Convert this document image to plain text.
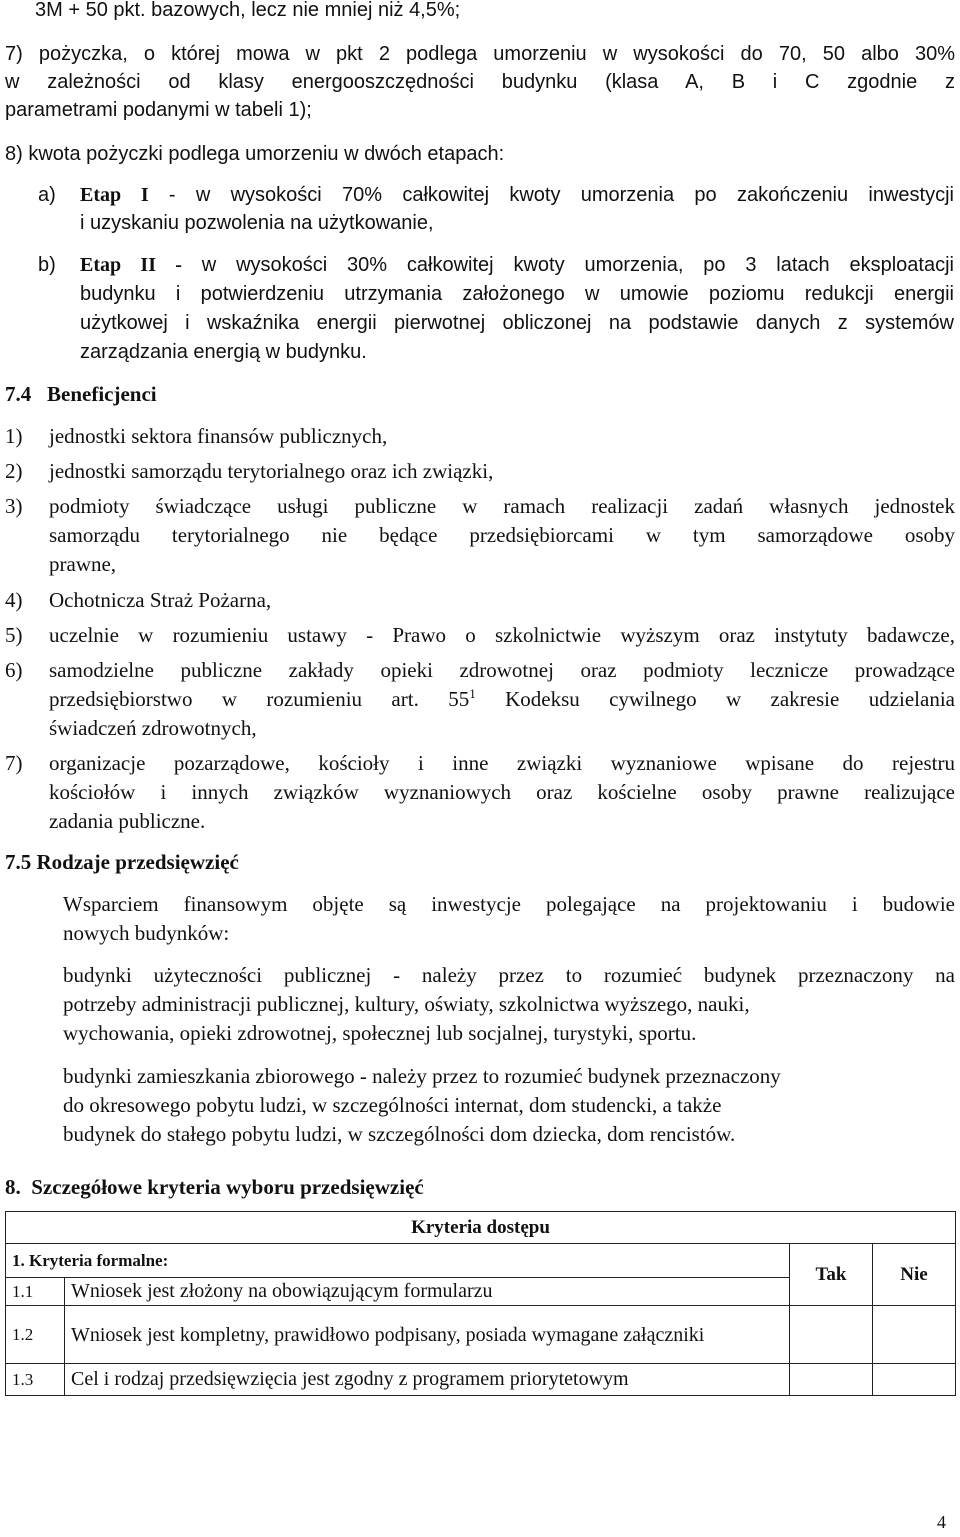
3M + 50 pkt. bazowych, lecz nie mniej niż 4,5%;
7) pożyczka, o której mowa w pkt 2 podlega umorzeniu w wysokości do 70, 50 albo 30%
w zależności od klasy energooszczędności budynku (klasa A, B i C zgodnie z
parametrami podanymi w tabeli 1);
8) kwota pożyczki podlega umorzeniu w dwóch etapach:
a) Etap I - w wysokości 70% całkowitej kwoty umorzenia po zakończeniu inwestycji
i uzyskaniu pozwolenia na użytkowanie,
b) Etap II - w wysokości 30% całkowitej kwoty umorzenia, po 3 latach eksploatacji
budynku i potwierdzeniu utrzymania założonego w umowie poziomu redukcji energii
użytkowej i wskaźnika energii pierwotnej obliczonej na podstawie danych z systemów
zarządzania energią w budynku.
7.4 Beneficjenci
1) jednostki sektora finansów publicznych,
2) jednostki samorządu terytorialnego oraz ich związki,
3) podmioty świadczące usługi publiczne w ramach realizacji zadań własnych jednostek
samorządu terytorialnego nie będące przedsiębiorcami w tym samorządowe osoby
prawne,
4) Ochotnicza Straż Pożarna,
5) uczelnie w rozumieniu ustawy - Prawo o szkolnictwie wyższym oraz instytuty badawcze,
6) samodzielne publiczne zakłady opieki zdrowotnej oraz podmioty lecznicze prowadzące
przedsiębiorstwo w rozumieniu art. $55^1$ Kodeksu cywilnego w zakresie udzielania
świadczeń zdrowotnych,
7) organizacje pozarządowe, kościoły i inne związki wyznaniowe wpisane do rejestru
kościołów i innych związków wyznaniowych oraz kościelne osoby prawne realizujące
zadania publiczne.
7.5 Rodzaje przedsięwzięć
Wsparciem finansowym objęte są inwestycje polegające na projektowaniu i budowie
nowych budynków:
budynki użyteczności publicznej - należy przez to rozumieć budynek przeznaczony na
potrzeby administracji publicznej, kultury, oświaty, szkolnictwa wyższego, nauki,
wychowania, opieki zdrowotnej, społecznej lub socjalnej, turystyki, sportu.
budynki zamieszkania zbiorowego - należy przez to rozumieć budynek przeznaczony
do okresowego pobytu ludzi, w szczególności internat, dom studencki, a także
budynek do stałego pobytu ludzi, w szczególności dom dziecka, dom rencistów.
8.  Szczegółowe kryteria wyboru przedsięwzięć
Kryteria dostępu			
1. Kryteria formalne:		Tak	Nie
1.1	Wniosek jest złożony na obowiązującym formularzu		
1.2	Wniosek jest kompletny, prawidłowo podpisany, posiada wymagane załączniki		
1.3	Cel i rodzaj przedsięwzięcia jest zgodny z programem priorytetowym		
4
